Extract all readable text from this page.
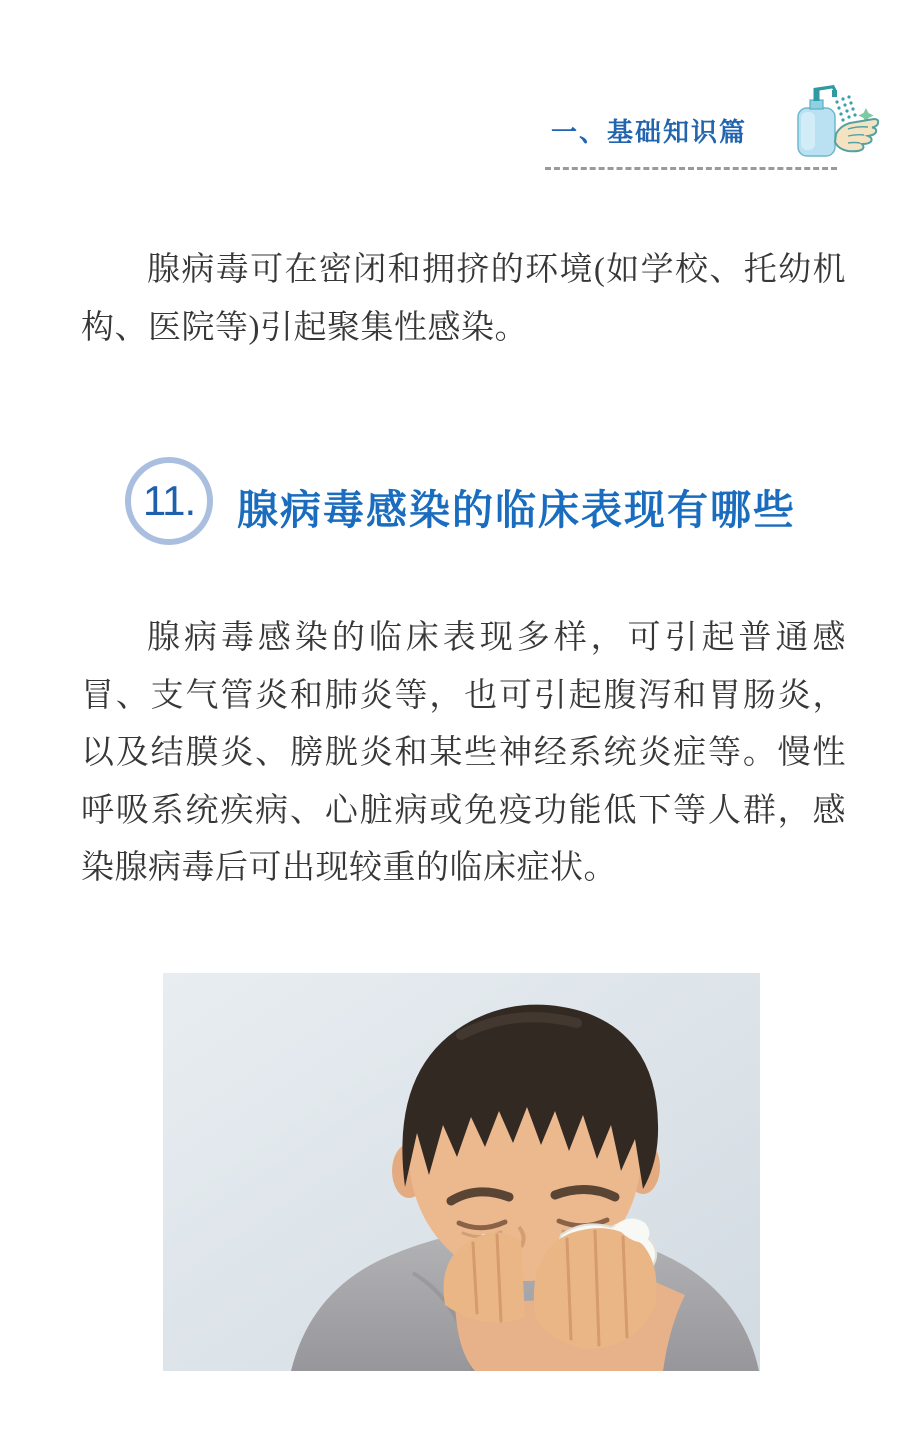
一、基础知识篇

腺病毒可在密闭和拥挤的环境(如学校、托幼机构、医院等)引起聚集性感染。

11. 腺病毒感染的临床表现有哪些

腺病毒感染的临床表现多样，可引起普通感冒、支气管炎和肺炎等，也可引起腹泻和胃肠炎，以及结膜炎、膀胱炎和某些神经系统炎症等。慢性呼吸系统疾病、心脏病或免疫功能低下等人群，感染腺病毒后可出现较重的临床症状。
